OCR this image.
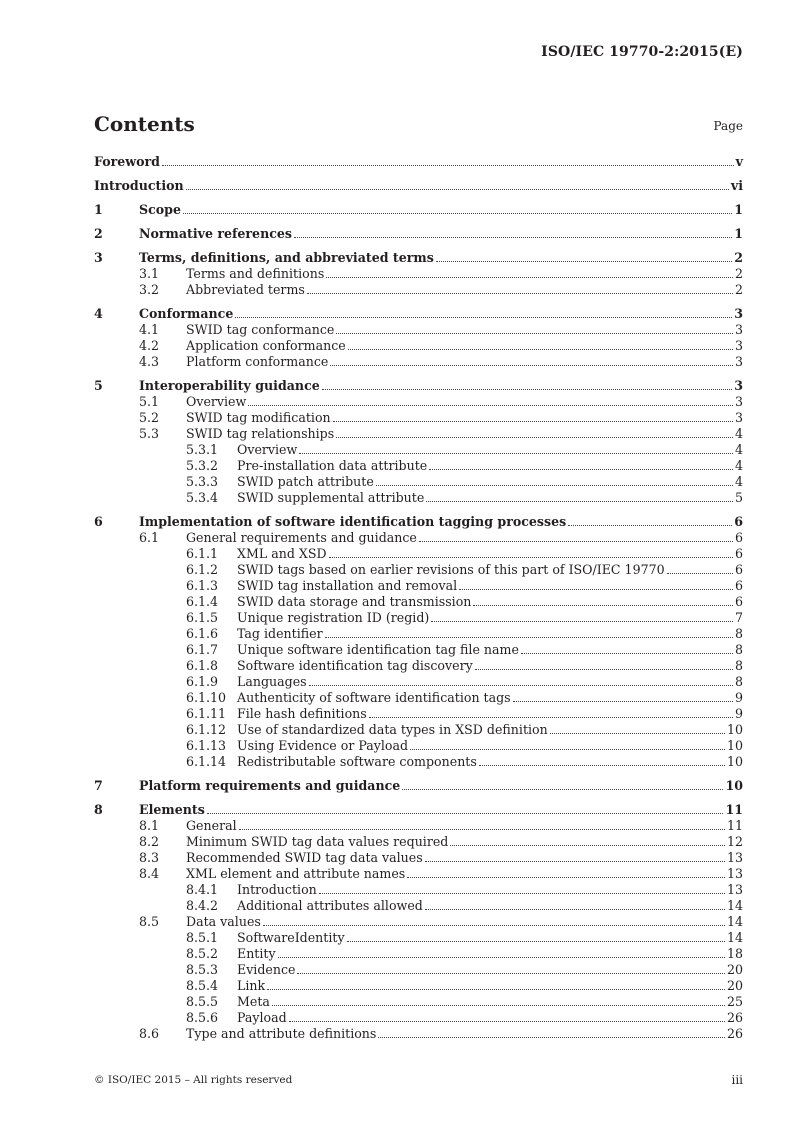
ISO/IEC 19770-2:2015(E)
Contents	Page
Foreword	v
Introduction	vi
1	Scope	1
2	Normative references	1
3	Terms, definitions, and abbreviated terms	2
3.1 Terms and definitions	2
3.2 Abbreviated terms	2
4	Conformance	3
4.1 SWID tag conformance	3
4.2 Application conformance	3
4.3 Platform conformance	3
5	Interoperability guidance	3
5.1 Overview	3
5.2 SWID tag modification	3
5.3 SWID tag relationships	4
5.3.1 Overview	4
5.3.2 Pre-installation data attribute	4
5.3.3 SWID patch attribute	4
5.3.4 SWID supplemental attribute	5
6	Implementation of software identification tagging processes	6
6.1 General requirements and guidance	6
6.1.1 XML and XSD	6
6.1.2 SWID tags based on earlier revisions of this part of ISO/IEC 19770	6
6.1.3 SWID tag installation and removal	6
6.1.4 SWID data storage and transmission	6
6.1.5 Unique registration ID (regid)	7
6.1.6 Tag identifier	8
6.1.7 Unique software identification tag file name	8
6.1.8 Software identification tag discovery	8
6.1.9 Languages	8
6.1.10 Authenticity of software identification tags	9
6.1.11 File hash definitions	9
6.1.12 Use of standardized data types in XSD definition	10
6.1.13 Using Evidence or Payload	10
6.1.14 Redistributable software components	10
7	Platform requirements and guidance	10
8	Elements	11
8.1 General	11
8.2 Minimum SWID tag data values required	12
8.3 Recommended SWID tag data values	13
8.4 XML element and attribute names	13
8.4.1 Introduction	13
8.4.2 Additional attributes allowed	14
8.5 Data values	14
8.5.1 SoftwareIdentity	14
8.5.2 Entity	18
8.5.3 Evidence	20
8.5.4 Link	20
8.5.5 Meta	25
8.5.6 Payload	26
8.6 Type and attribute definitions	26
© ISO/IEC 2015 – All rights reserved	iii
